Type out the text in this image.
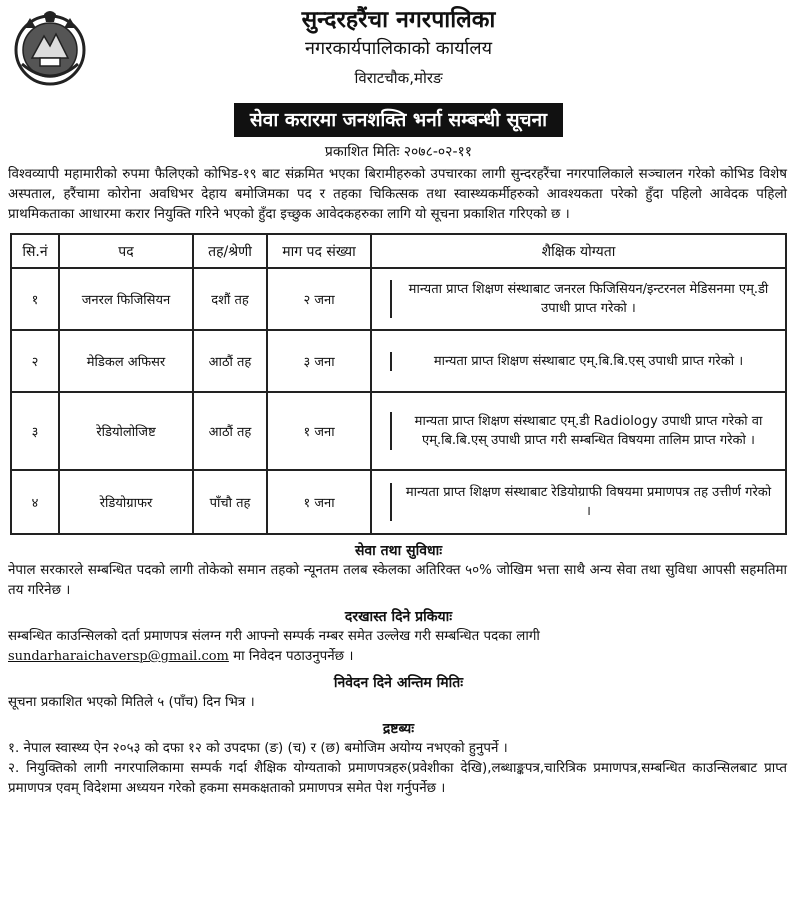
सुन्दरहरैंचा नगरपालिका
नगरकार्यपालिकाको कार्यालय
विराटचौक,मोरङ
सेवा करारमा जनशक्ति भर्ना सम्बन्धी सूचना
प्रकाशित मितिः २०७८-०२-११
विश्वव्यापी महामारीको रुपमा फैलिएको कोभिड-१९ बाट संक्रमित भएका बिरामीहरुको उपचारका लागी सुन्दरहरैंचा नगरपालिकाले सञ्चालन गरेको कोभिड विशेष अस्पताल, हरैंचामा कोरोना अवधिभर देहाय बमोजिमका पद र तहका चिकित्सक तथा स्वास्थ्यकर्मीहरुको आवश्यकता परेको हुँदा पहिलो आवेदक पहिलो प्राथमिकताका आधारमा करार नियुक्ति गरिने भएको हुँदा इच्छुक आवेदकहरुका लागि यो सूचना प्रकाशित गरिएको छ ।
सि.नं	पद	तह/श्रेणी	माग पद संख्या	शैक्षिक योग्यता
१	जनरल फिजिसियन	दशौं तह	२ जना	मान्यता प्राप्त शिक्षण संस्थाबाट जनरल फिजिसियन/इन्टरनल मेडिसनमा एम्.डी उपाधी प्राप्त गरेको ।

२	मेडिकल अफिसर	आठौं तह	३ जना	मान्यता प्राप्त शिक्षण संस्थाबाट एम्.बि.बि.एस् उपाधी प्राप्त गरेको ।

३	रेडियोलोजिष्ट	आठौं तह	१ जना	मान्यता प्राप्त शिक्षण संस्थाबाट एम्.डी Radiology उपाधी प्राप्त गरेको वा एम्.बि.बि.एस् उपाधी प्राप्त गरी सम्बन्धित विषयमा तालिम प्राप्त गरेको ।

४	रेडियोग्राफर	पाँचौ तह	१ जना	मान्यता प्राप्त शिक्षण संस्थाबाट रेडियोग्राफी विषयमा प्रमाणपत्र तह उत्तीर्ण गरेको ।
सेवा तथा सुविधाः
नेपाल सरकारले सम्बन्धित पदको लागी तोकेको समान तहको न्यूनतम तलब स्केलका अतिरिक्त ५०% जोखिम भत्ता साथै अन्य सेवा तथा सुविधा आपसी सहमतिमा तय गरिनेछ ।
दरखास्त दिने प्रकियाः
सम्बन्धित काउन्सिलको दर्ता प्रमाणपत्र संलग्न गरी आफ्नो सम्पर्क नम्बर समेत उल्लेख गरी सम्बन्धित पदका लागी
sundarharaichaversp@gmail.com मा निवेदन पठाउनुपर्नेछ ।
निवेदन दिने अन्तिम मितिः
सूचना प्रकाशित भएको मितिले ५ (पाँच) दिन भित्र ।
द्रष्टब्यः
१. नेपाल स्वास्थ्य ऐन २०५३ को दफा १२ को उपदफा (ङ) (च) र (छ) बमोजिम अयोग्य नभएको हुनुपर्ने ।
२. नियुक्तिको लागी नगरपालिकामा सम्पर्क गर्दा शैक्षिक योग्यताको प्रमाणपत्रहरु(प्रवेशीका देखि),लब्धाङ्कपत्र,चारित्रिक प्रमाणपत्र,सम्बन्धित काउन्सिलबाट प्राप्त प्रमाणपत्र एवम् विदेशमा अध्ययन गरेको हकमा समकक्षताको प्रमाणपत्र समेत पेश गर्नुपर्नेछ ।
